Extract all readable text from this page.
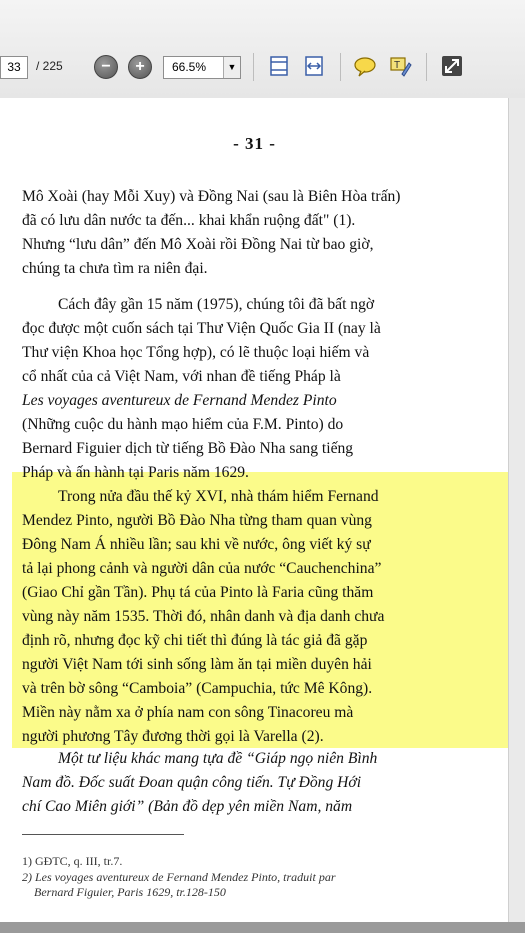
33	/ 225	−	+	66.5%	▼	T
- 31 -
Mô Xoài (hay Mỗi Xuy) và Đồng Nai (sau là Biên Hòa trấn)
đã có lưu dân nước ta đến... khai khẩn ruộng đất" (1).
Nhưng “lưu dân” đến Mô Xoài rồi Đồng Nai từ bao giờ,
chúng ta chưa tìm ra niên đại.
Cách đây gần 15 năm (1975), chúng tôi đã bất ngờ
đọc được một cuốn sách tại Thư Viện Quốc Gia II (nay là
Thư viện Khoa học Tổng hợp), có lẽ thuộc loại hiếm và
cổ nhất của cả Việt Nam, với nhan đề tiếng Pháp là
Les voyages aventureux de Fernand Mendez Pinto
(Những cuộc du hành mạo hiểm của F.M. Pinto) do
Bernard Figuier dịch từ tiếng Bồ Đào Nha sang tiếng
Pháp và ấn hành tại Paris năm 1629.
Trong nửa đầu thế kỷ XVI, nhà thám hiểm Fernand
Mendez Pinto, người Bồ Đào Nha từng tham quan vùng
Đông Nam Á nhiều lần; sau khi về nước, ông viết ký sự
tả lại phong cảnh và người dân của nước “Cauchenchina”
(Giao Chỉ gần Tần). Phụ tá của Pinto là Faria cũng thăm
vùng này năm 1535. Thời đó, nhân danh và địa danh chưa
định rõ, nhưng đọc kỹ chi tiết thì đúng là tác giả đã gặp
người Việt Nam tới sinh sống làm ăn tại miền duyên hải
và trên bờ sông “Camboia” (Campuchia, tức Mê Kông).
Miền này nằm xa ở phía nam con sông Tinacoreu mà
người phương Tây đương thời gọi là Varella (2).
Một tư liệu khác mang tựa đề “Giáp ngọ niên Bình
Nam đồ. Đốc suất Đoan quận công tiến. Tự Đồng Hới
chí Cao Miên giới” (Bản đồ dẹp yên miền Nam, năm
1) GĐTC, q. III, tr.7.
2) Les voyages aventureux de Fernand Mendez Pinto, traduit par
Bernard Figuier, Paris 1629, tr.128-150
